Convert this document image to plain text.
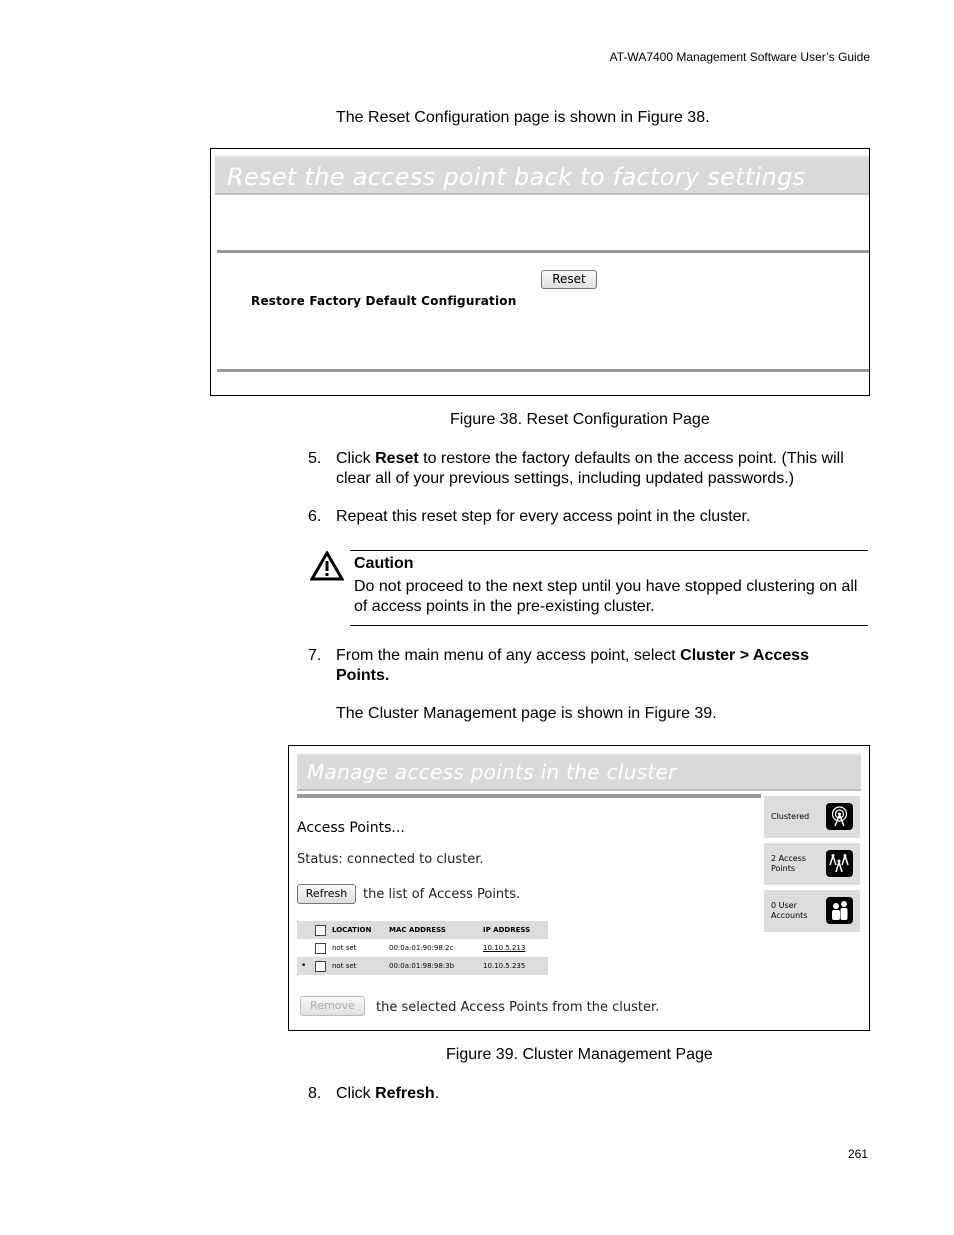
AT-WA7400 Management Software User’s Guide
The Reset Configuration page is shown in Figure 38.
Reset the access point back to factory settings
Reset
Restore Factory Default Configuration
Figure 38. Reset Configuration Page
5. Click Reset to restore the factory defaults on the access point. (This will clear all of your previous settings, including updated passwords.)
6. Repeat this reset step for every access point in the cluster.
Caution
Do not proceed to the next step until you have stopped clustering on all of access points in the pre-existing cluster.
7. From the main menu of any access point, select Cluster > Access Points.
The Cluster Management page is shown in Figure 39.
Manage access points in the cluster
Access Points...
Status: connected to cluster.
Refresh	the list of Access Points.
LOCATION	MAC ADDRESS	IP ADDRESS
not set	00:0a:01:90:98:2c	10.10.5.213
•	not set	00:0a:01:98:98:3b	10.10.5.235
Remove	the selected Access Points from the cluster.
Clustered
2 Access Points
0 User Accounts
Figure 39. Cluster Management Page
8. Click Refresh.
261
